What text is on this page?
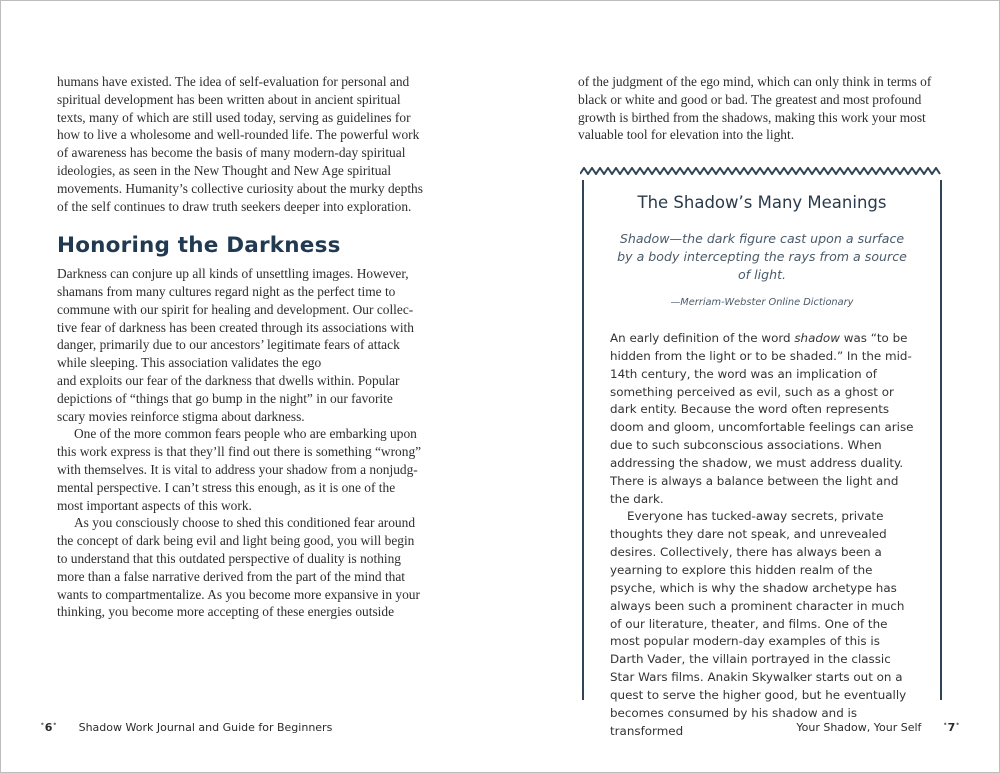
humans have existed. The idea of self-evaluation for personal and spiritual development has been written about in ancient spiritual texts, many of which are still used today, serving as guidelines for how to live a wholesome and well-rounded life. The powerful work of awareness has become the basis of many modern-day spiritual ideologies, as seen in the New Thought and New Age spiritual movements. Humanity’s collective curiosity about the murky depths of the self continues to draw truth seekers deeper into exploration.

Honoring the Darkness

Darkness can conjure up all kinds of unsettling images. However, shamans from many cultures regard night as the perfect time to commune with our spirit for healing and development. Our collective fear of darkness has been created through its associations with danger, primarily due to our ancestors’ legitimate fears of attack while sleeping. This association validates the ego

and exploits our fear of the darkness that dwells within. Popular depictions of “things that go bump in the night” in our favorite scary movies reinforce stigma about darkness.

One of the more common fears people who are embarking upon this work express is that they’ll find out there is something “wrong” with themselves. It is vital to address your shadow from a nonjudgmental perspective. I can’t stress this enough, as it is one of the most important aspects of this work.

As you consciously choose to shed this conditioned fear around the concept of dark being evil and light being good, you will begin to understand that this outdated perspective of duality is nothing more than a false narrative derived from the part of the mind that wants to compartmentalize. As you become more expansive in your thinking, you become more accepting of these energies outside

of the judgment of the ego mind, which can only think in terms of black or white and good or bad. The greatest and most profound growth is birthed from the shadows, making this work your most valuable tool for elevation into the light.

The Shadow’s Many Meanings
Shadow—the dark figure cast upon a surface by a body intercepting the rays from a source of light.
—Merriam-Webster Online Dictionary

An early definition of the word shadow was “to be hidden from the light or to be shaded.” In the mid-14th century, the word was an implication of something perceived as evil, such as a ghost or dark entity. Because the word often represents doom and gloom, uncomfortable feelings can arise due to such subconscious associations. When addressing the shadow, we must address duality. There is always a balance between the light and the dark.

Everyone has tucked-away secrets, private thoughts they dare not speak, and unrevealed desires. Collectively, there has always been a yearning to explore this hidden realm of the psyche, which is why the shadow archetype has always been such a prominent character in much of our literature, theater, and films. One of the most popular modern-day examples of this is Darth Vader, the villain portrayed in the classic Star Wars films. Anakin Skywalker starts out on a quest to serve the higher good, but he eventually becomes consumed by his shadow and is transformed

•6• Shadow Work Journal and Guide for Beginners	Your Shadow, Your Self	•7•
